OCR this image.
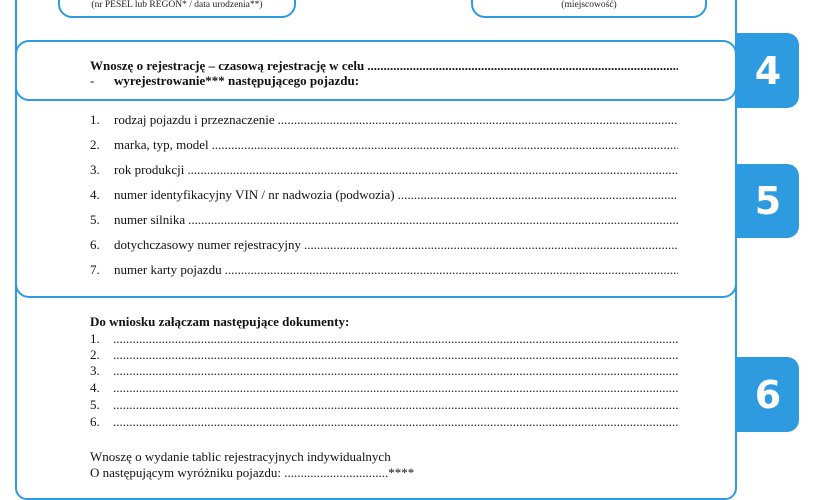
(nr PESEL lub REGON* / data urodzenia**)	(miejscowość)
4
Wnoszę o rejestrację – czasową rejestrację w celu
.....
- wyrejestrowanie*** następującego pojazdu:
5
1.	rodzaj pojazdu i przeznaczenie
.....
2.	marka, typ, model
.....
3.	rok produkcji
.....
4.	numer identyfikacyjny VIN / nr nadwozia (podwozia)
.....
5.	numer silnika
.....
6.	dotychczasowy numer rejestracyjny
.....
7.	numer karty pojazdu
.....
6
Do wniosku załączam następujące dokumenty:
1.
.....
2.
.....
3.
.....
4.
.....
5.
.....
6.
.....
Wnoszę o wydanie tablic rejestracyjnych indywidualnych
O następującym wyróżniku pojazdu: ................................****
